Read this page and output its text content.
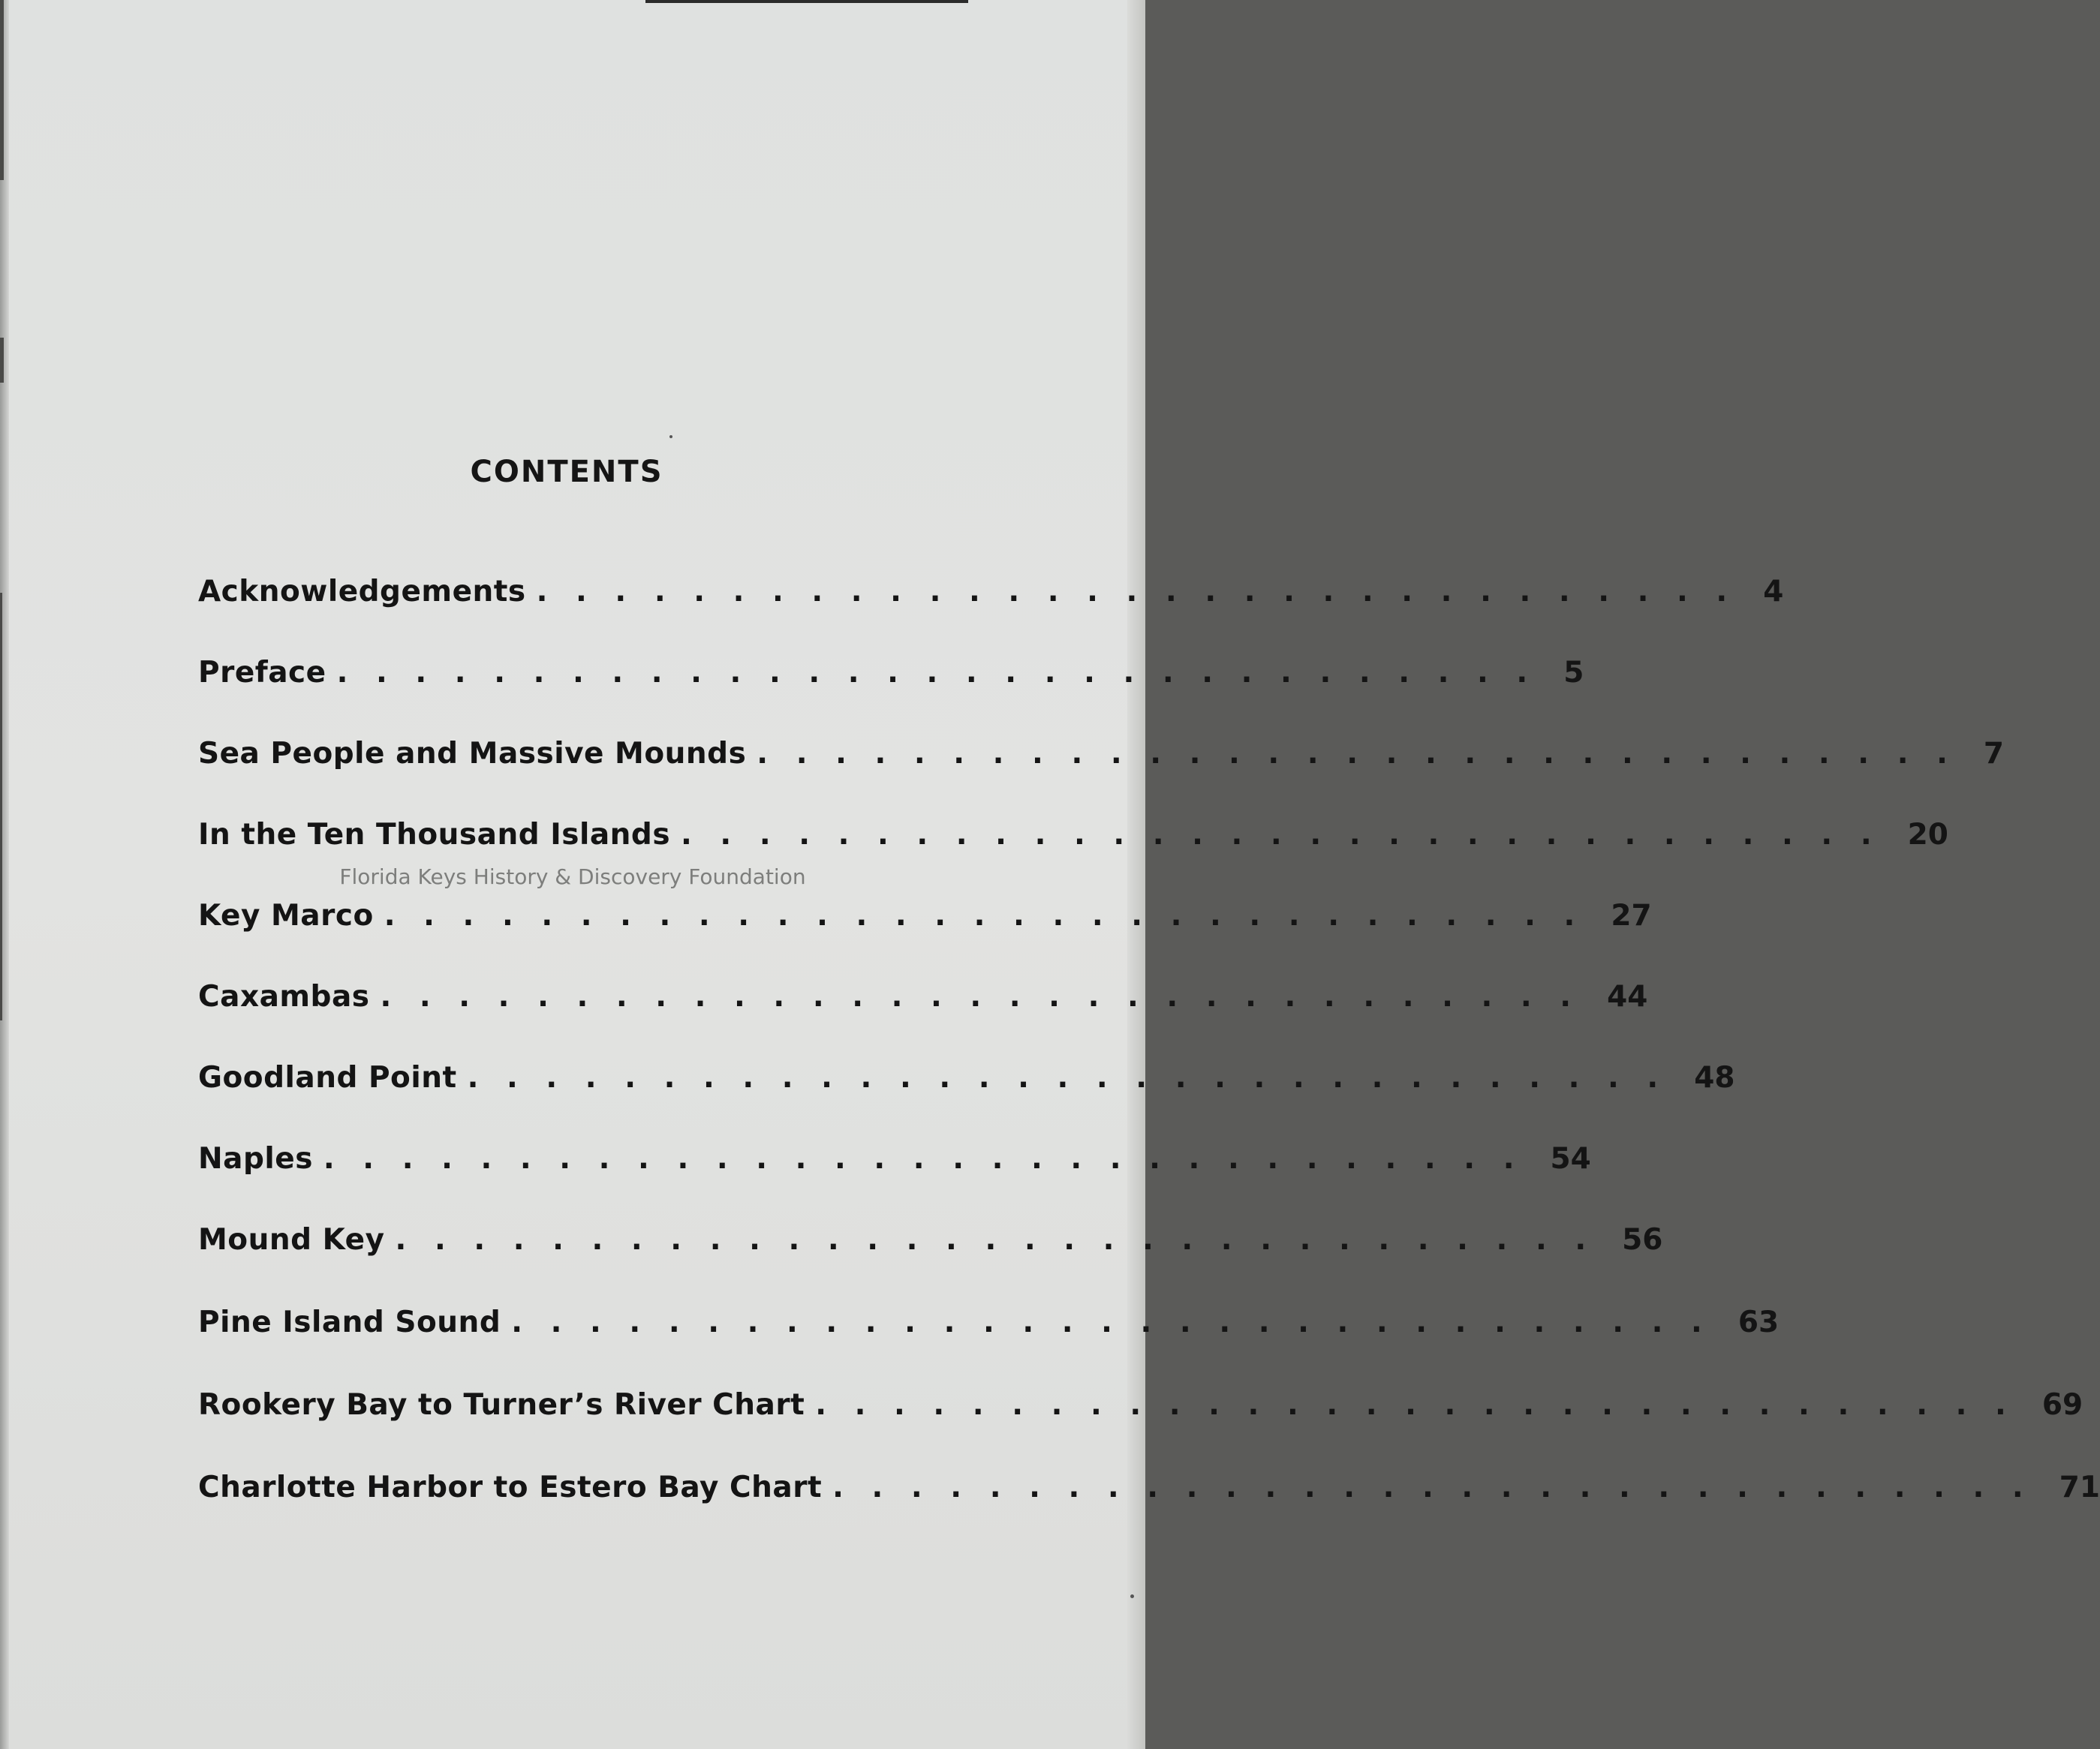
CONTENTS
Acknowledgements . . . . . . . . . . . . . . . . . . . . . . . . . . . . . . . 4
Preface . . . . . . . . . . . . . . . . . . . . . . . . . . . . . . . 5
Sea People and Massive Mounds . . . . . . . . . . . . . . . . . . . . . . . . . . . . . . . 7
In the Ten Thousand Islands . . . . . . . . . . . . . . . . . . . . . . . . . . . . . . . 20
Key Marco . . . . . . . . . . . . . . . . . . . . . . . . . . . . . . . 27
Caxambas . . . . . . . . . . . . . . . . . . . . . . . . . . . . . . . 44
Goodland Point . . . . . . . . . . . . . . . . . . . . . . . . . . . . . . . 48
Naples . . . . . . . . . . . . . . . . . . . . . . . . . . . . . . . 54
Mound Key . . . . . . . . . . . . . . . . . . . . . . . . . . . . . . . 56
Pine Island Sound . . . . . . . . . . . . . . . . . . . . . . . . . . . . . . . 63
Rookery Bay to Turner’s River Chart . . . . . . . . . . . . . . . . . . . . . . . . . . . . . . . 69
Charlotte Harbor to Estero Bay Chart . . . . . . . . . . . . . . . . . . . . . . . . . . . . . . . 71

Florida Keys History & Discovery Foundation
